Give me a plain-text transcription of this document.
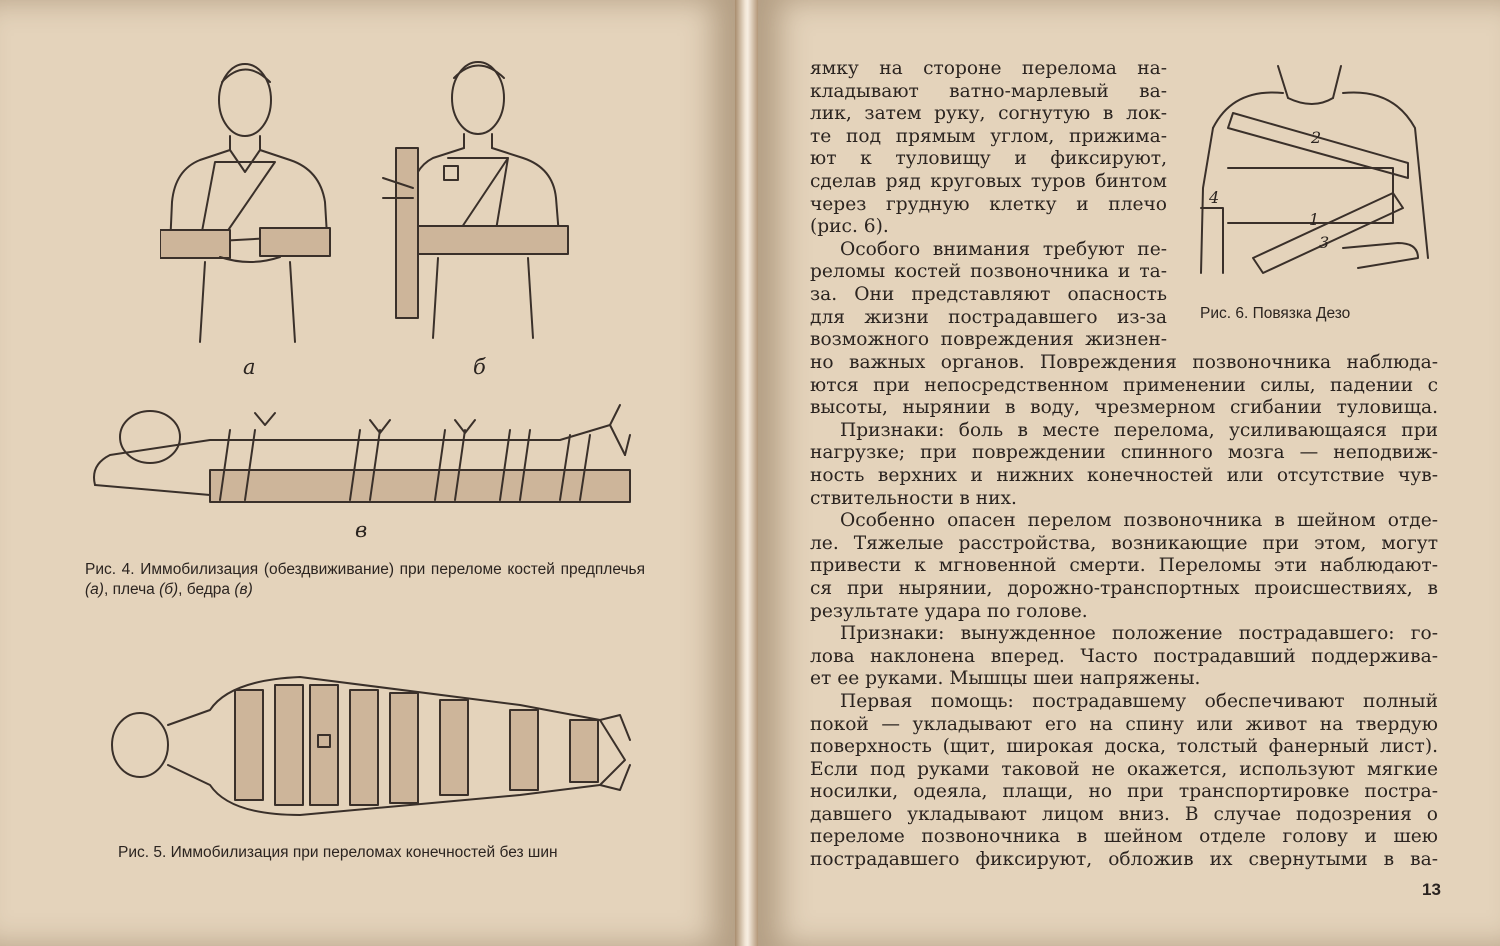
а	б
в
Рис. 4. Иммобилизация (обездвиживание) при переломе костей предплечья (а), плеча (б), бедра (в)
Рис. 5. Иммобилизация при переломах конечностей без шин
2
4
1
3
Рис. 6. Повязка Дезо
ямку на стороне перелома на-
кладывают ватно-марлевый ва-
лик, затем руку, согнутую в лок-
те под прямым углом, прижима-
ют к туловищу и фиксируют,
сделав ряд круговых туров бинтом
через грудную клетку и плечо
(рис. 6).
Особого внимания требуют пе-
реломы костей позвоночника и та-
за. Они представляют опасность
для жизни пострадавшего из-за
возможного повреждения жизнен-
но важных органов. Повреждения позвоночника наблюда-
ются при непосредственном применении силы, падении с
высоты, нырянии в воду, чрезмерном сгибании туловища.
Признаки: боль в месте перелома, усиливающаяся при
нагрузке; при повреждении спинного мозга — неподвиж-
ность верхних и нижних конечностей или отсутствие чув-
ствительности в них.
Особенно опасен перелом позвоночника в шейном отде-
ле. Тяжелые расстройства, возникающие при этом, могут
привести к мгновенной смерти. Переломы эти наблюдают-
ся при нырянии, дорожно-транспортных происшествиях, в
результате удара по голове.
Признаки: вынужденное положение пострадавшего: го-
лова наклонена вперед. Часто пострадавший поддержива-
ет ее руками. Мышцы шеи напряжены.
Первая помощь: пострадавшему обеспечивают полный
покой — укладывают его на спину или живот на твердую
поверхность (щит, широкая доска, толстый фанерный лист).
Если под руками таковой не окажется, используют мягкие
носилки, одеяла, плащи, но при транспортировке постра-
давшего укладывают лицом вниз. В случае подозрения о
переломе позвоночника в шейном отделе голову и шею
пострадавшего фиксируют, обложив их свернутыми в ва-
13
